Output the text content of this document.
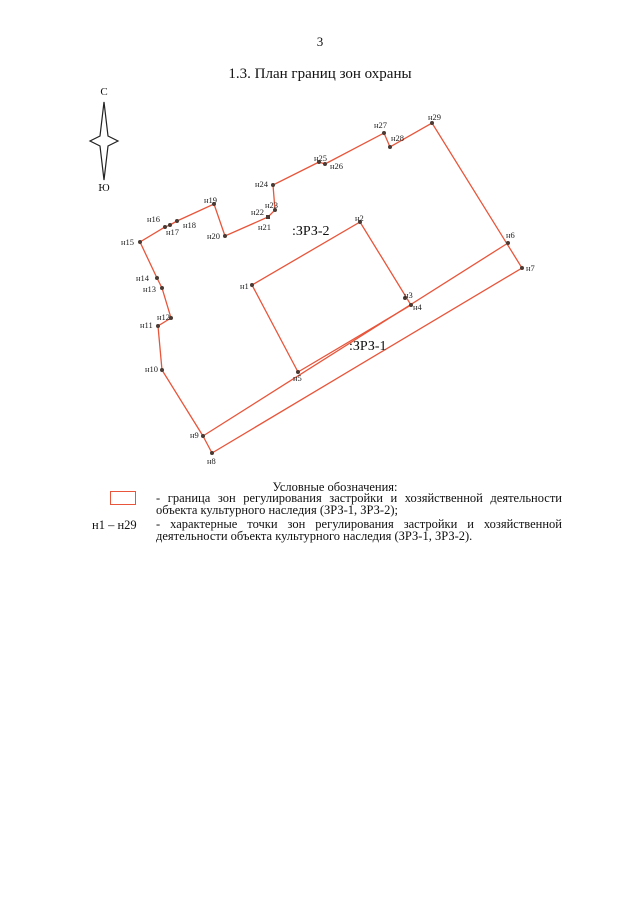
3
1.3. План границ зон охраны
С
Ю
н1
н2
н3
н4
н5
н6
н7
н8
н9
н10
н11
н12
н13
н14
н15
н16
н17
н18
н19
н20
н21
н22
н23
н24
н25
н26
н27
н28
н29
:ЗРЗ-2
:ЗРЗ-1
Условные обозначения:
- граница зон регулирования застройки и хозяйственной деятельности объекта культурного наследия (ЗРЗ-1, ЗРЗ-2);
н1 – н29 - характерные точки зон регулирования застройки и хозяйственной деятельности объекта культурного наследия (ЗРЗ-1, ЗРЗ-2).
